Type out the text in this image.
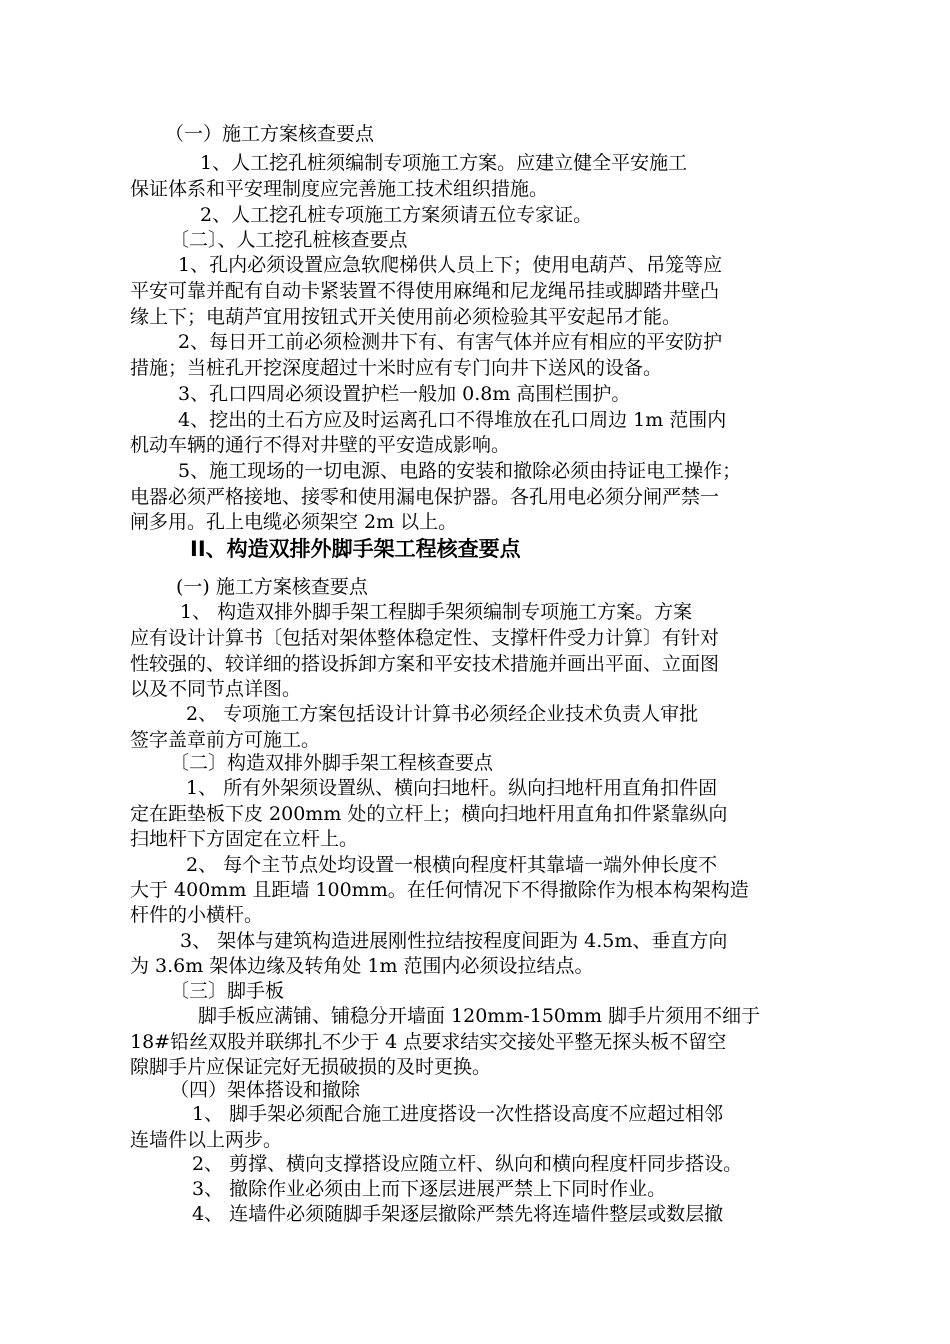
（一）施工方案核查要点
1、人工挖孔桩须编制专项施工方案。应建立健全平安施工
保证体系和平安理制度应完善施工技术组织措施。
2、人工挖孔桩专项施工方案须请五位专家证。
〔二〕、人工挖孔桩核查要点
1、孔内必须设置应急软爬梯供人员上下；使用电葫芦、吊笼等应
平安可靠并配有自动卡紧装置不得使用麻绳和尼龙绳吊挂或脚踏井壁凸
缘上下；电葫芦宜用按钮式开关使用前必须检验其平安起吊才能。
2、每日开工前必须检测井下有、有害气体并应有相应的平安防护
措施；当桩孔开挖深度超过十米时应有专门向井下送风的设备。
3、孔口四周必须设置护栏一般加 0.8m 高围栏围护。
4、挖出的土石方应及时运离孔口不得堆放在孔口周边 1m 范围内
机动车辆的通行不得对井壁的平安造成影响。
5、施工现场的一切电源、电路的安装和撤除必须由持证电工操作；
电器必须严格接地、接零和使用漏电保护器。各孔用电必须分闸严禁一
闸多用。孔上电缆必须架空 2m 以上。
II、构造双排外脚手架工程核查要点
(一) 施工方案核查要点
1、 构造双排外脚手架工程脚手架须编制专项施工方案。方案
应有设计计算书〔包括对架体整体稳定性、支撑杆件受力计算〕有针对
性较强的、较详细的搭设拆卸方案和平安技术措施并画出平面、立面图
以及不同节点详图。
2、 专项施工方案包括设计计算书必须经企业技术负责人审批
签字盖章前方可施工。
〔二〕构造双排外脚手架工程核查要点
1、 所有外架须设置纵、横向扫地杆。纵向扫地杆用直角扣件固
定在距垫板下皮 200mm 处的立杆上；横向扫地杆用直角扣件紧靠纵向
扫地杆下方固定在立杆上。
2、 每个主节点处均设置一根横向程度杆其靠墙一端外伸长度不
大于 400mm 且距墙 100mm。在任何情况下不得撤除作为根本构架构造
杆件的小横杆。
3、 架体与建筑构造进展刚性拉结按程度间距为 4.5m、垂直方向
为 3.6m 架体边缘及转角处 1m 范围内必须设拉结点。
〔三〕脚手板
脚手板应满铺、铺稳分开墙面 120mm-150mm 脚手片须用不细于
18#铅丝双股并联绑扎不少于 4 点要求结实交接处平整无探头板不留空
隙脚手片应保证完好无损破损的及时更换。
（四）架体搭设和撤除
1、 脚手架必须配合施工进度搭设一次性搭设高度不应超过相邻
连墙件以上两步。
2、 剪撑、横向支撑搭设应随立杆、纵向和横向程度杆同步搭设。
3、 撤除作业必须由上而下逐层进展严禁上下同时作业。
4、 连墙件必须随脚手架逐层撤除严禁先将连墙件整层或数层撤
